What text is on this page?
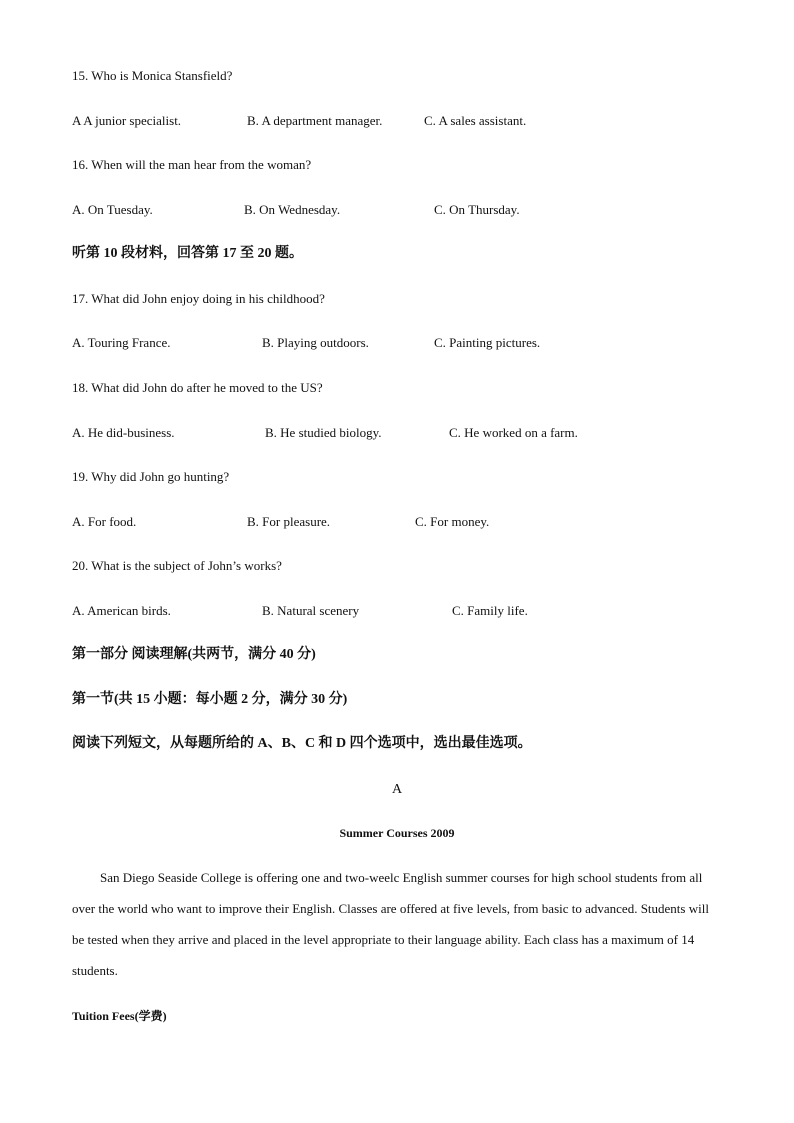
15. Who is Monica Stansfield?
A A junior specialist.	B. A department manager.	C. A sales assistant.
16. When will the man hear from the woman?
A. On Tuesday.	B. On Wednesday.	C. On Thursday.
听第 10 段材料，回答第 17 至 20 题。
17. What did John enjoy doing in his childhood?
A. Touring France.	B. Playing outdoors.	C. Painting pictures.
18. What did John do after he moved to the US?
A. He did-business.	B. He studied biology.	C. He worked on a farm.
19. Why did John go hunting?
A. For food.	B. For pleasure.	C. For money.
20. What is the subject of John’s works?
A. American birds.	B. Natural scenery	C. Family life.
第一部分 阅读理解(共两节，满分 40 分)
第一节(共 15 小题：每小题 2 分，满分 30 分)
阅读下列短文，从每题所给的 A、B、C 和 D 四个选项中，选出最佳选项。
A
Summer Courses 2009
San Diego Seaside College is offering one and two-weelc English summer courses for high school students from all over the world who want to improve their English. Classes are offered at five levels, from basic to advanced. Students will be tested when they arrive and placed in the level appropriate to their language ability. Each class has a maximum of 14 students.
Tuition Fees(学费)
